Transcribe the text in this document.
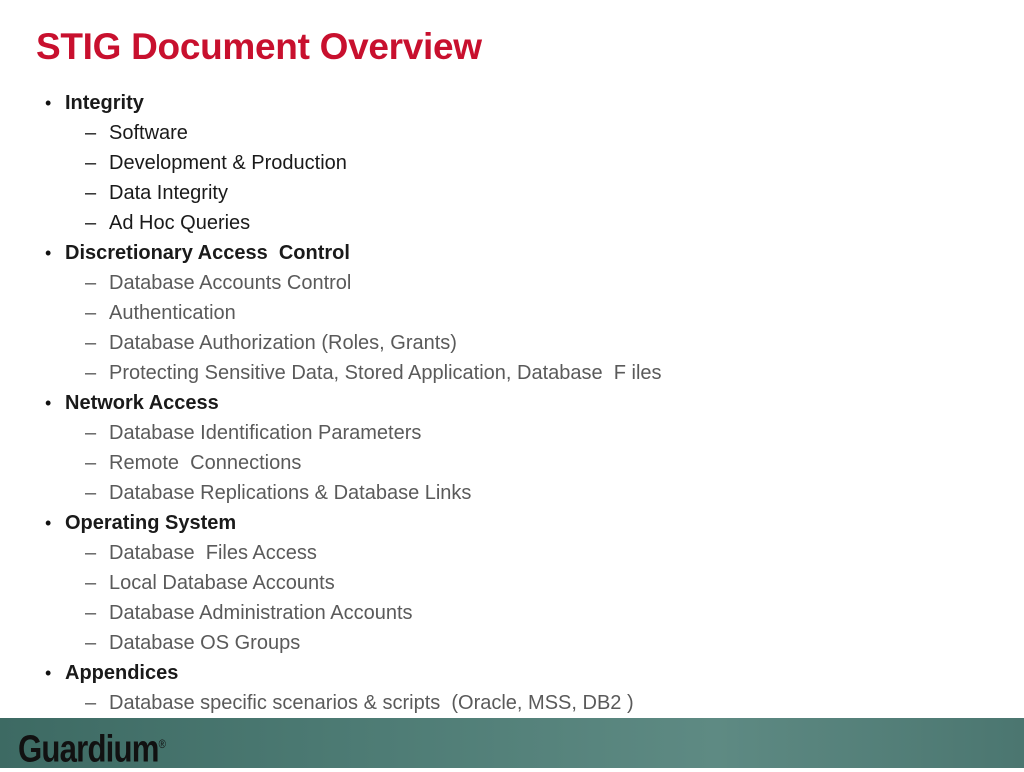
STIG Document Overview
• Integrity
– Software
– Development & Production
– Data Integrity
– Ad Hoc Queries
• Discretionary Access  Control
– Database Accounts Control
– Authentication
– Database Authorization (Roles, Grants)
– Protecting Sensitive Data, Stored Application, Database  F iles
• Network Access
– Database Identification Parameters
– Remote  Connections
– Database Replications & Database Links
• Operating System
– Database  Files Access
– Local Database Accounts
– Database Administration Accounts
– Database OS Groups
• Appendices
– Database specific scenarios & scripts  (Oracle, MSS, DB2 )
Guardium®
